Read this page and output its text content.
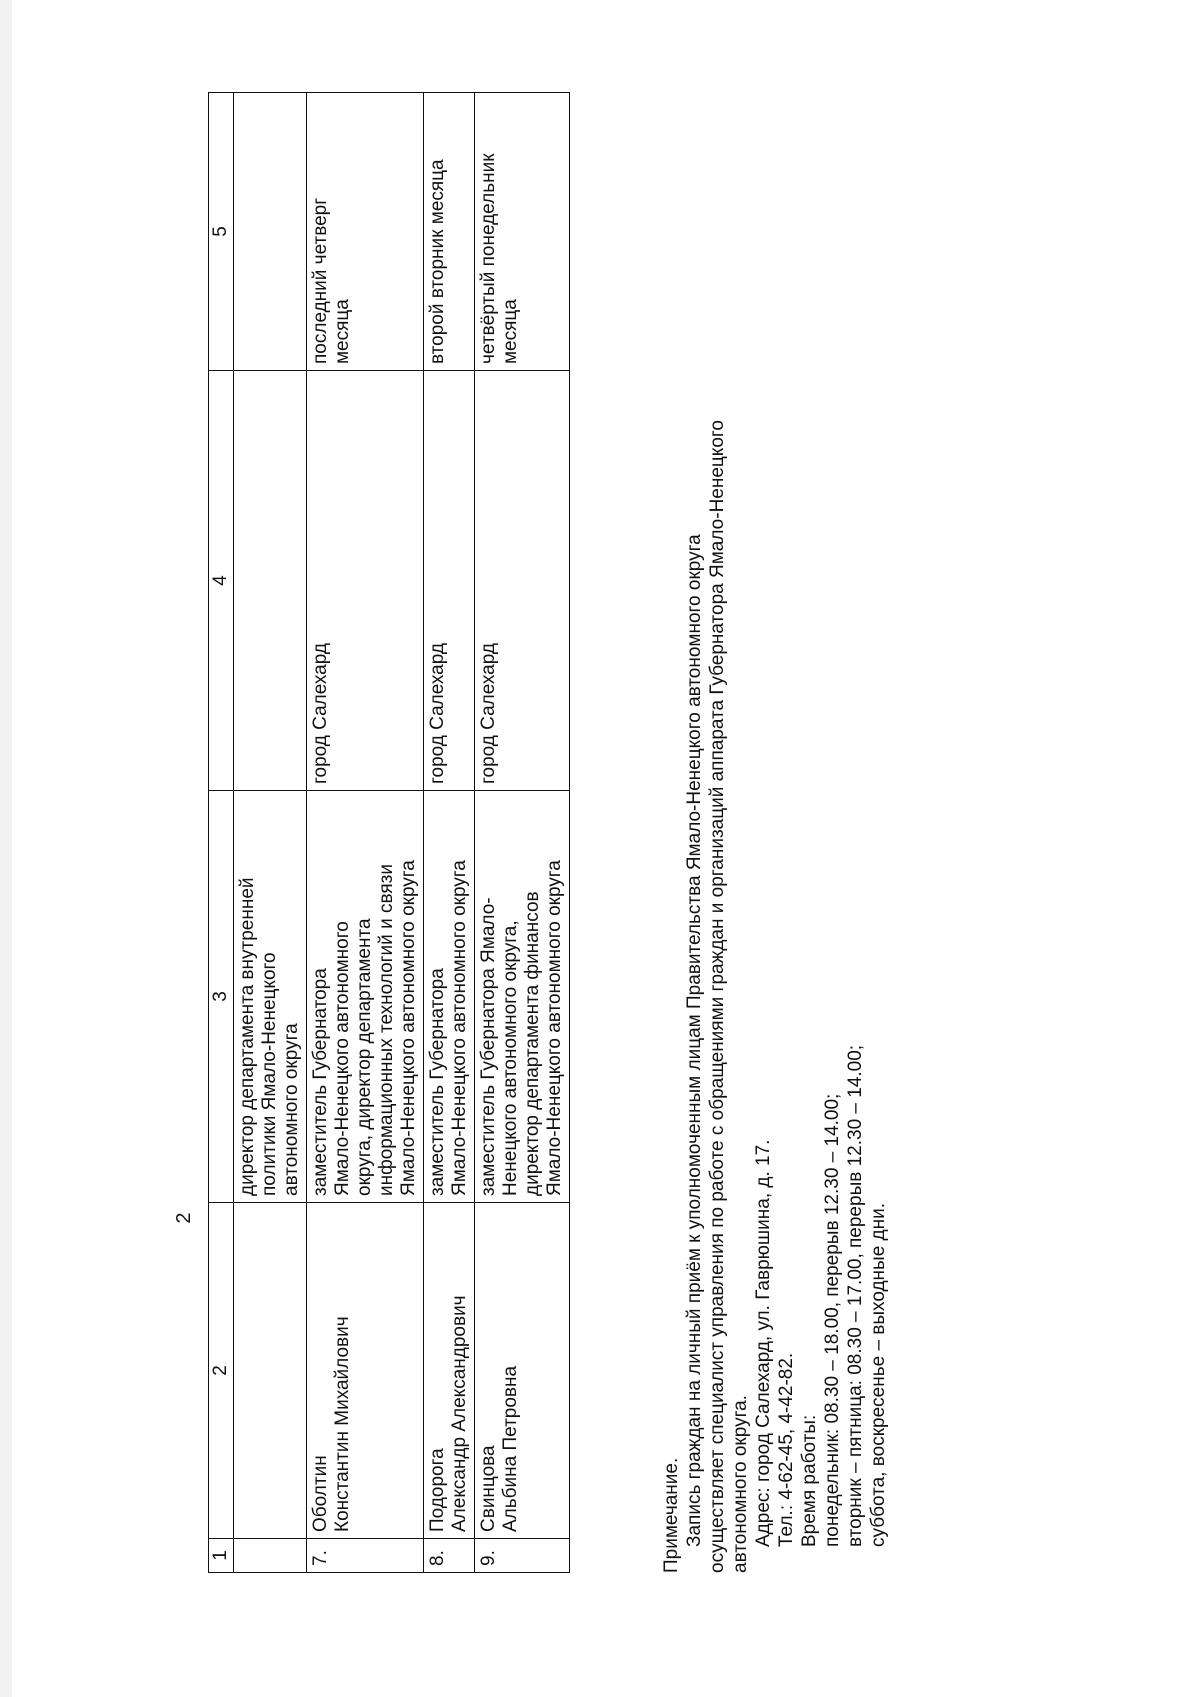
2
1	2	3	4	5

		директор департамента внутренней политики Ямало-Ненецкого автономного округа		

7.	Оболтин Константин Михайлович	заместитель Губернатора Ямало-Ненецкого автономного округа, директор департамента информационных технологий и связи Ямало-Ненецкого автономного округа	город Салехард	последний четверг месяца

8.	Подорога Александр Александрович	заместитель Губернатора Ямало-Ненецкого автономного округа	город Салехард	второй вторник месяца

9.	Свинцова Альбина Петровна	заместитель Губернатора Ямало- Ненецкого автономного округа, директор департамента финансов Ямало-Ненецкого автономного округа	город Салехард	четвёртый понедельник месяца

Примечание. Запись граждан на личный приём к уполномоченным лицам Правительства Ямало-Ненецкого автономного округа осуществляет специалист управления по работе с обращениями граждан и организаций аппарата Губернатора Ямало-Ненецкого автономного округа. Адрес: город Салехард, ул. Гаврюшина, д. 17. Тел.: 4-62-45, 4-42-82. Время работы: понедельник: 08.30 – 18.00, перерыв 12.30 – 14.00; вторник – пятница: 08.30 – 17.00, перерыв 12.30 – 14.00; суббота, воскресенье – выходные дни.
